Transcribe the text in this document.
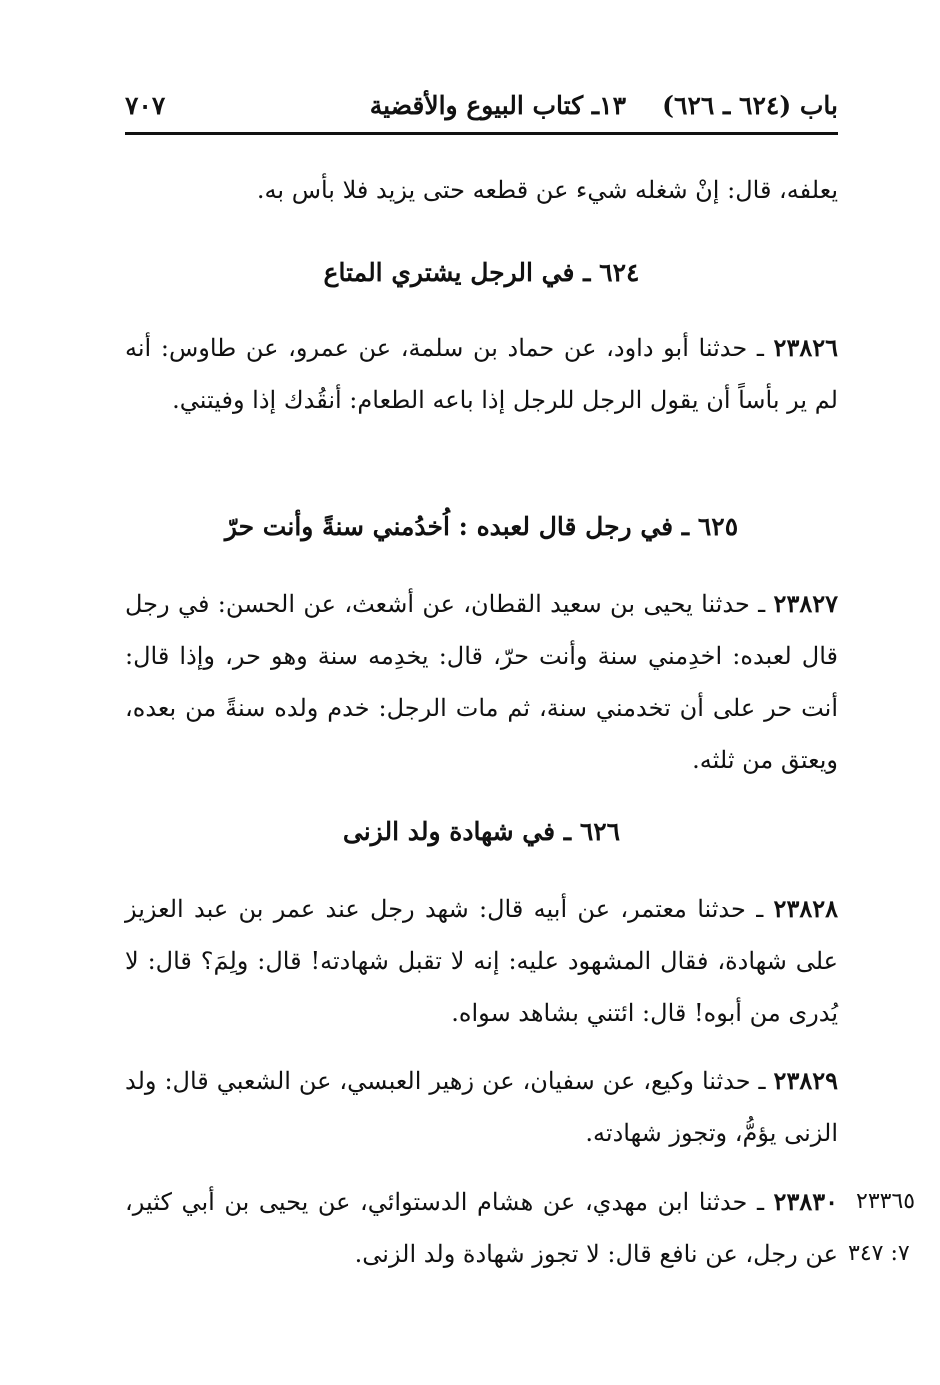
باب (٦٢٤ ـ ٦٢٦)
١٣ـ كتاب البيوع والأقضية
٧٠٧

يعلفه، قال: إنْ شغله شيء عن قطعه حتى يزيد فلا بأس به.

٦٢٤ ـ في الرجل يشتري المتاع

٢٣٨٢٦ ـ حدثنا أبو داود، عن حماد بن سلمة، عن عمرو، عن طاوس: أنه لم ير بأساً أن يقول الرجل للرجل إذا باعه الطعام: أنقُدك إذا وفيتني.

٦٢٥ ـ في رجل قال لعبده : اُخدُمني سنةً وأنت حرّ

٢٣٨٢٧ ـ حدثنا يحيى بن سعيد القطان، عن أشعث، عن الحسن: في رجل قال لعبده: اخدِمني سنة وأنت حرّ، قال: يخدِمه سنة وهو حر، وإذا قال: أنت حر على أن تخدمني سنة، ثم مات الرجل: خدم ولده سنةً من بعده، ويعتق من ثلثه.

٦٢٦ ـ في شهادة ولد الزنى

٢٣٨٢٨ ـ حدثنا معتمر، عن أبيه قال: شهد رجل عند عمر بن عبد العزيز على شهادة، فقال المشهود عليه: إنه لا تقبل شهادته! قال: ولِمَ؟ قال: لا يُدرى من أبوه! قال: ائتني بشاهد سواه.

٢٣٨٢٩ ـ حدثنا وكيع، عن سفيان، عن زهير العبسي، عن الشعبي قال: ولد الزنى يؤمُّ، وتجوز شهادته.

٢٣٨٣٠ ـ حدثنا ابن مهدي، عن هشام الدستوائي، عن يحيى بن أبي كثير، عن رجل، عن نافع قال: لا تجوز شهادة ولد الزنى.

٢٣٣٦٥
٧: ٣٤٧
